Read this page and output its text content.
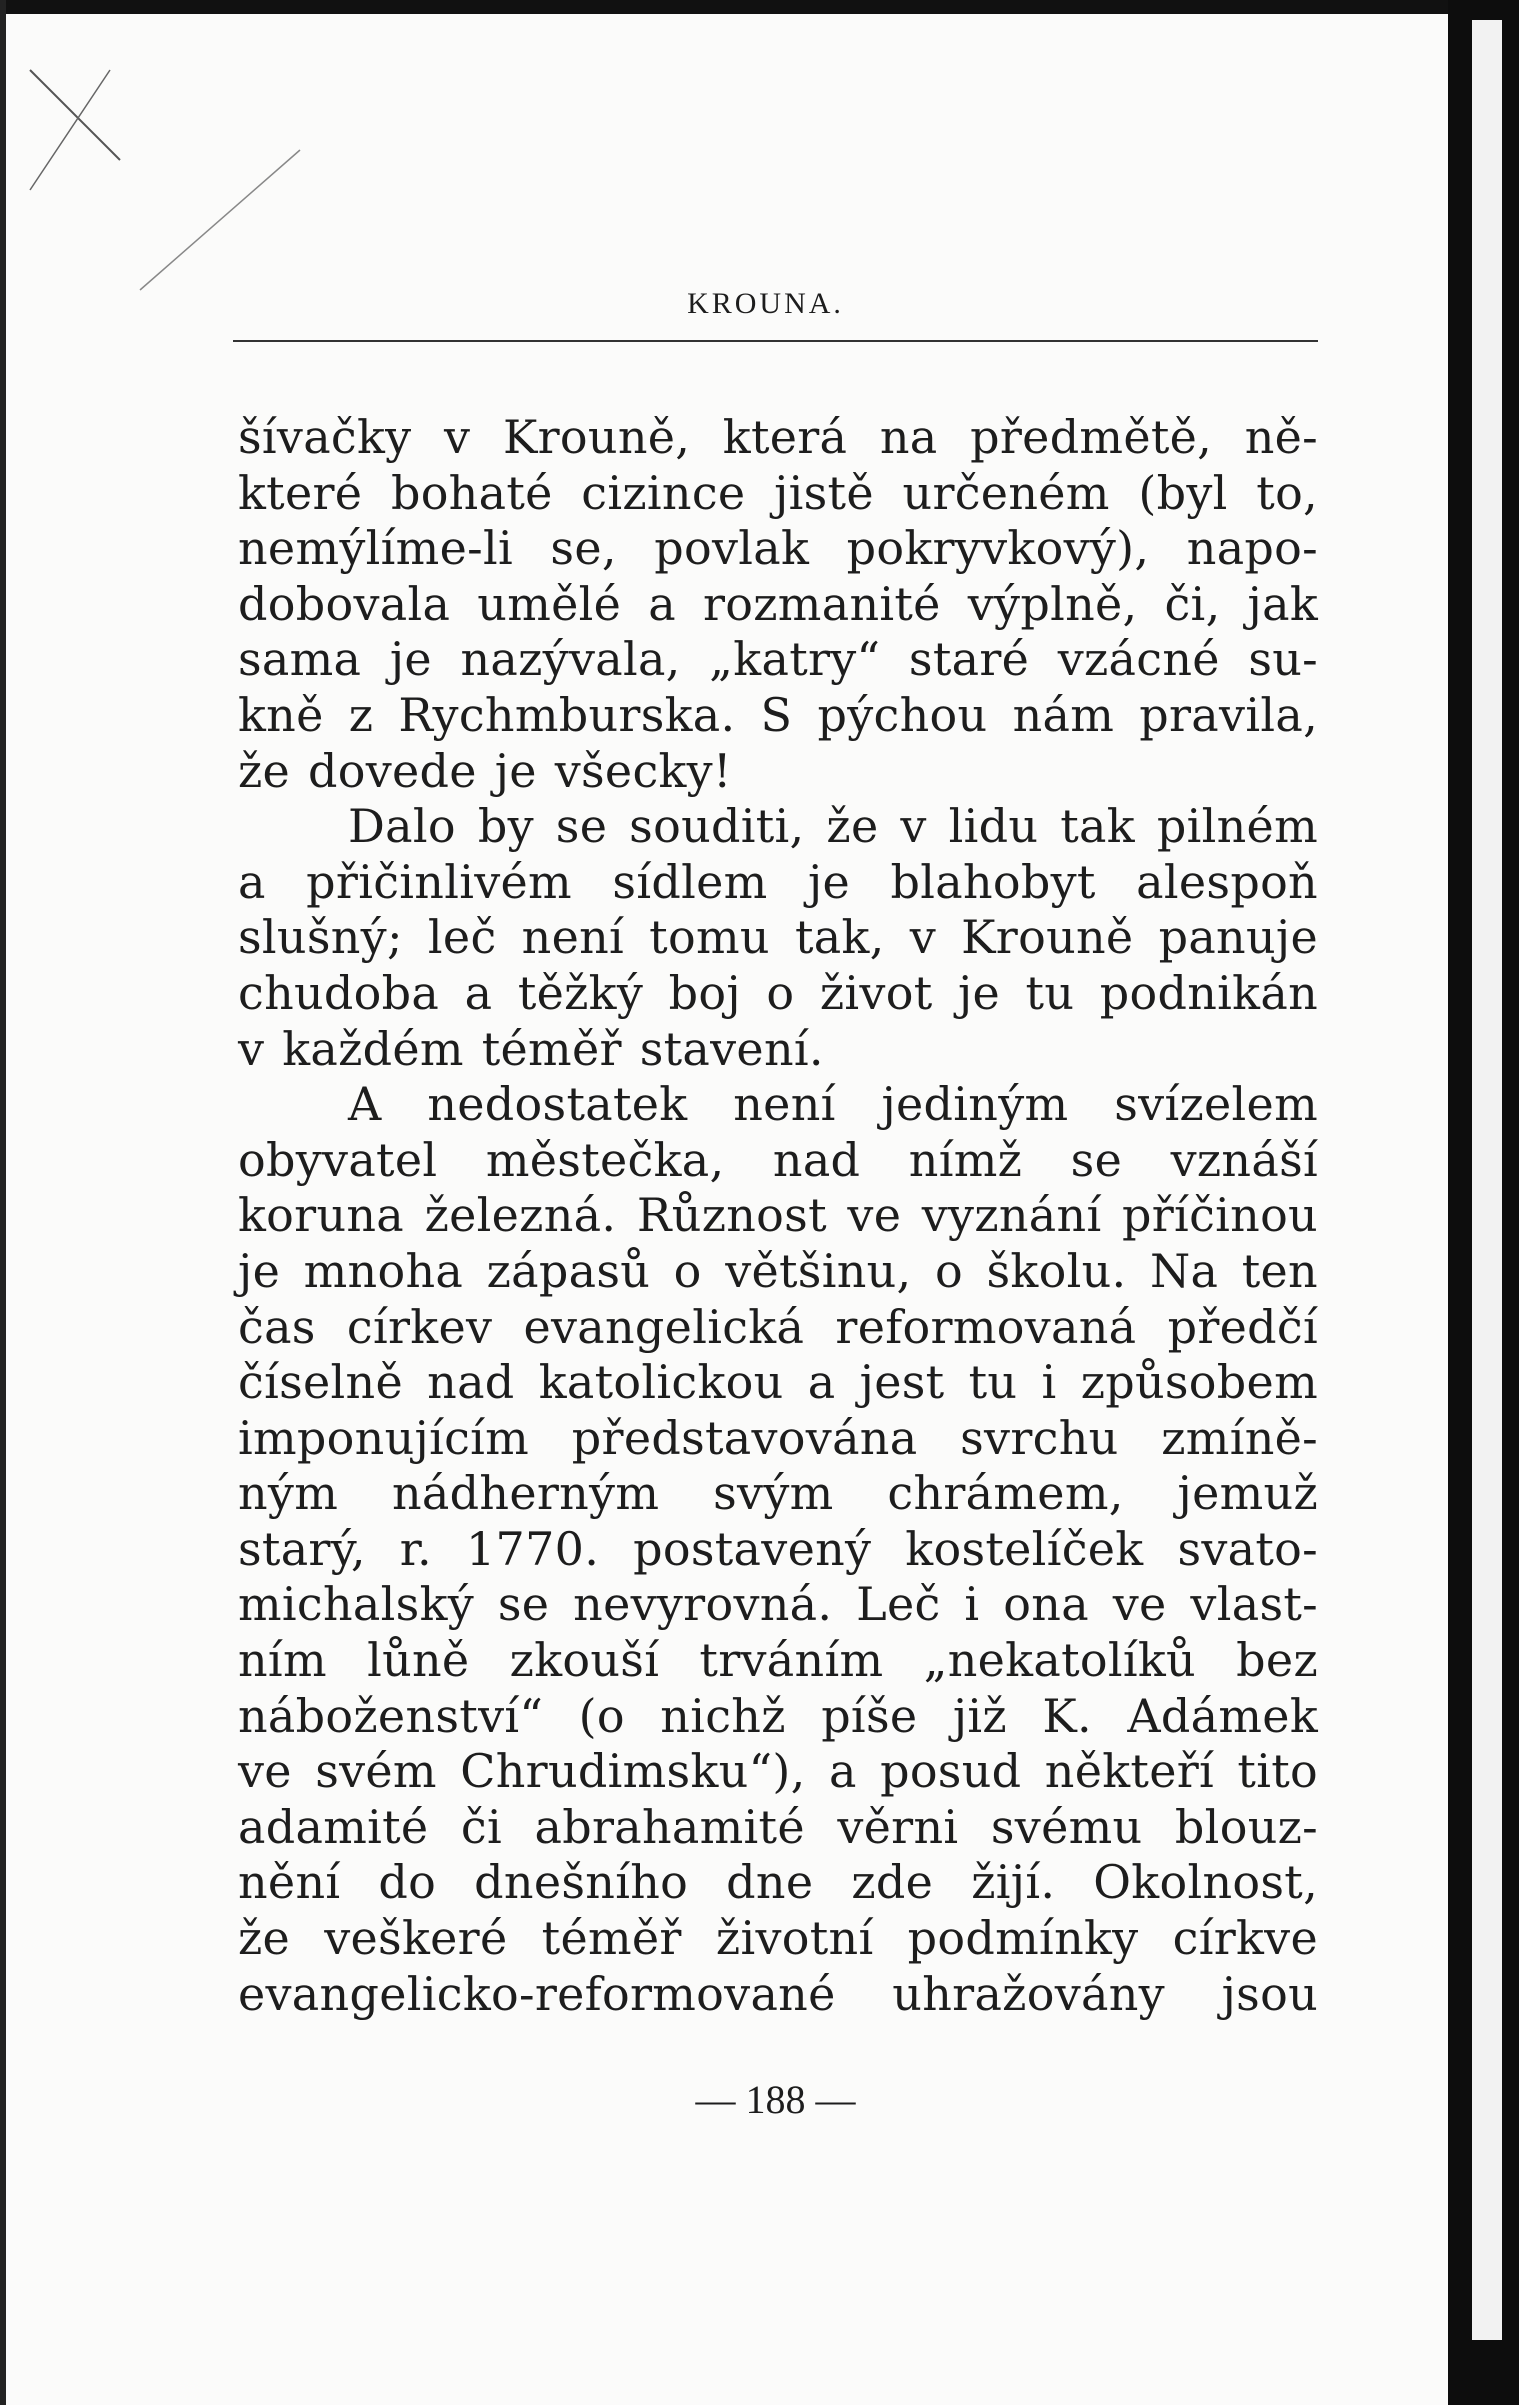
KROUNA.
šívačky v Krouně, která na předmětě, ně-
které bohaté cizince jistě určeném (byl to,
nemýlíme-li se, povlak pokryvkový), napo-
dobovala umělé a rozmanité výplně, či, jak
sama je nazývala, „katry“ staré vzácné su-
kně z Rychmburska. S pýchou nám pravila,
že dovede je všecky!
Dalo by se souditi, že v lidu tak pilném
a přičinlivém sídlem je blahobyt alespoň
slušný; leč není tomu tak, v Krouně panuje
chudoba a těžký boj o život je tu podnikán
v každém téměř stavení.
A nedostatek není jediným svízelem
obyvatel městečka, nad nímž se vznáší
koruna železná. Různost ve vyznání příčinou
je mnoha zápasů o většinu, o školu. Na ten
čas církev evangelická reformovaná předčí
číselně nad katolickou a jest tu i způsobem
imponujícím představována svrchu zmíně-
ným nádherným svým chrámem, jemuž
starý, r. 1770. postavený kostelíček svato-
michalský se nevyrovná. Leč i ona ve vlast-
ním lůně zkouší trváním „nekatolíků bez
náboženství“ (o nichž píše již K. Adámek
ve svém Chrudimsku“), a posud někteří tito
adamité či abrahamité věrni svému blouz-
nění do dnešního dne zde žijí. Okolnost,
že veškeré téměř životní podmínky církve
evangelicko-reformované uhražovány jsou
— 188 —
